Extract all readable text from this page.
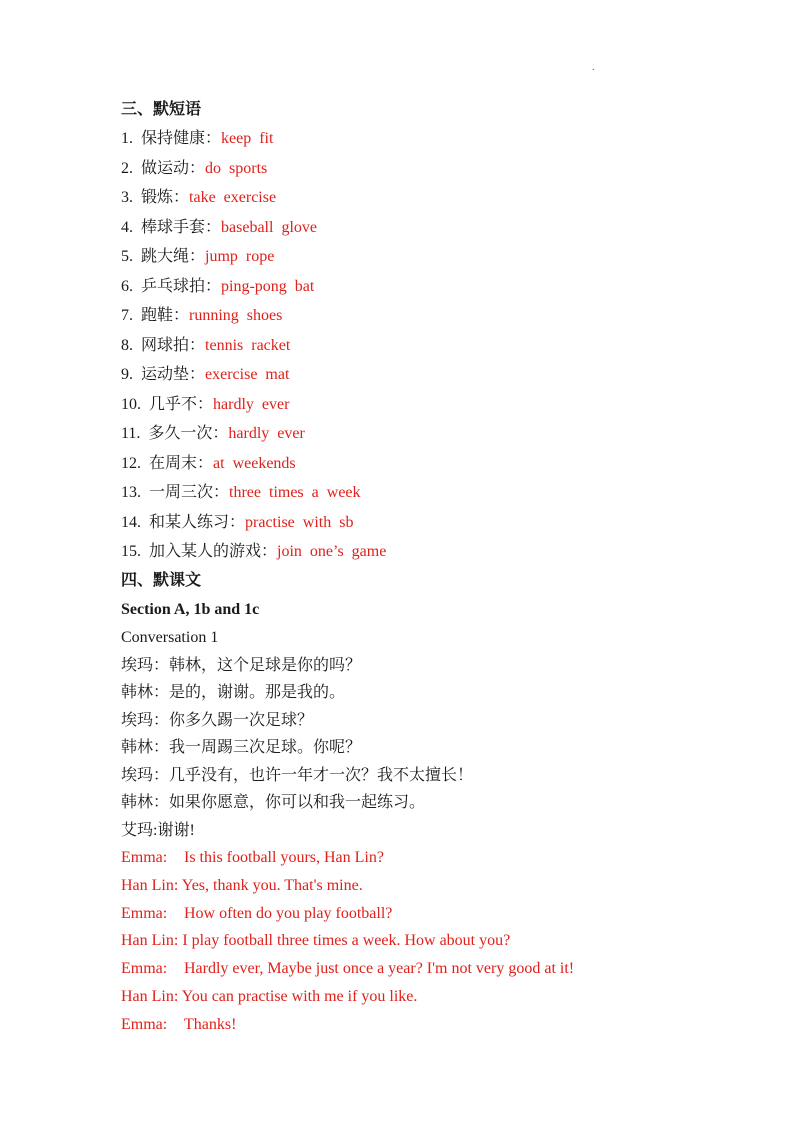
.
三、默短语
1. 保持健康：keep  fit
2. 做运动：do  sports
3. 锻炼：take  exercise
4. 棒球手套：baseball  glove
5. 跳大绳：jump  rope
6. 乒乓球拍：ping-pong  bat
7. 跑鞋：running  shoes
8. 网球拍：tennis  racket
9. 运动垫：exercise  mat
10. 几乎不：hardly  ever
11. 多久一次：hardly  ever
12. 在周末：at  weekends
13. 一周三次：three  times  a  week
14. 和某人练习：practise  with  sb
15. 加入某人的游戏：join  one’s  game
四、默课文
Section A, 1b and 1c
Conversation 1
埃玛：韩林，这个足球是你的吗？
韩林：是的，谢谢。那是我的。
埃玛：你多久踢一次足球？
韩林：我一周踢三次足球。你呢？
埃玛：几乎没有，也许一年才一次？我不太擅长！
韩林：如果你愿意，你可以和我一起练习。
艾玛:谢谢!
Emma: Is this football yours, Han Lin?
Han Lin: Yes, thank you. That's mine.
Emma: How often do you play football?
Han Lin: I play football three times a week. How about you?
Emma: Hardly ever, Maybe just once a year? I'm not very good at it!
Han Lin: You can practise with me if you like.
Emma: Thanks!
